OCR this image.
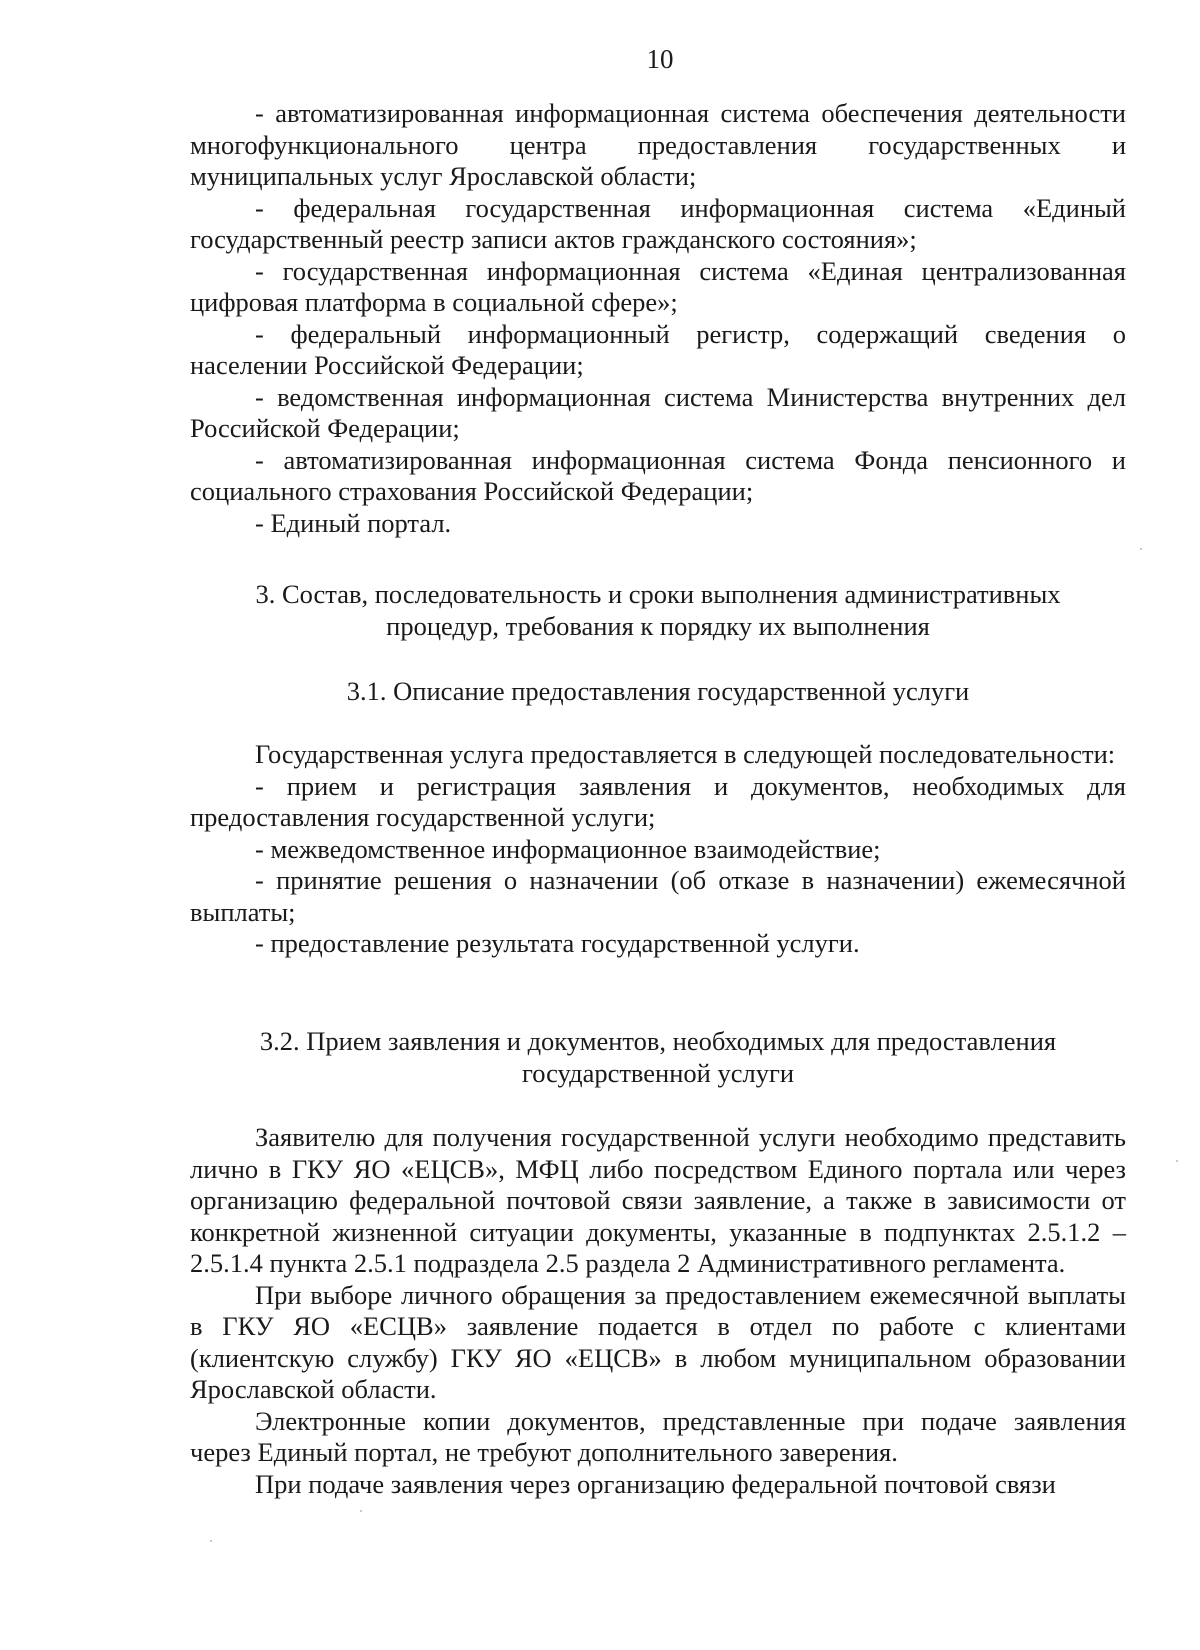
10

- автоматизированная информационная система обеспечения деятельности многофункционального центра предоставления государственных и муниципальных услуг Ярославской области;

- федеральная государственная информационная система «Единый государственный реестр записи актов гражданского состояния»;

- государственная информационная система «Единая централизованная цифровая платформа в социальной сфере»;

- федеральный информационный регистр, содержащий сведения о населении Российской Федерации;

- ведомственная информационная система Министерства внутренних дел Российской Федерации;

- автоматизированная информационная система Фонда пенсионного и социального страхования Российской Федерации;

- Единый портал.

3. Состав, последовательность и сроки выполнения административных
процедур, требования к порядку их выполнения
3.1. Описание предоставления государственной услуги

Государственная услуга предоставляется в следующей последовательности:

- прием и регистрация заявления и документов, необходимых для предоставления государственной услуги;

- межведомственное информационное взаимодействие;

- принятие решения о назначении (об отказе в назначении) ежемесячной выплаты;

- предоставление результата государственной услуги.

3.2. Прием заявления и документов, необходимых для предоставления
государственной услуги

Заявителю для получения государственной услуги необходимо представить лично в ГКУ ЯО «ЕЦСВ», МФЦ либо посредством Единого портала или через организацию федеральной почтовой связи заявление, а также в зависимости от конкретной жизненной ситуации документы, указанные в подпунктах 2.5.1.2 – 2.5.1.4 пункта 2.5.1 подраздела 2.5 раздела 2 Административного регламента.

При выборе личного обращения за предоставлением ежемесячной выплаты в ГКУ ЯО «ЕСЦВ» заявление подается в отдел по работе с клиентами (клиентскую службу) ГКУ ЯО «ЕЦСВ» в любом муниципальном образовании Ярославской области.

Электронные копии документов, представленные при подаче заявления через Единый портал, не требуют дополнительного заверения.

При подаче заявления через организацию федеральной почтовой связи
